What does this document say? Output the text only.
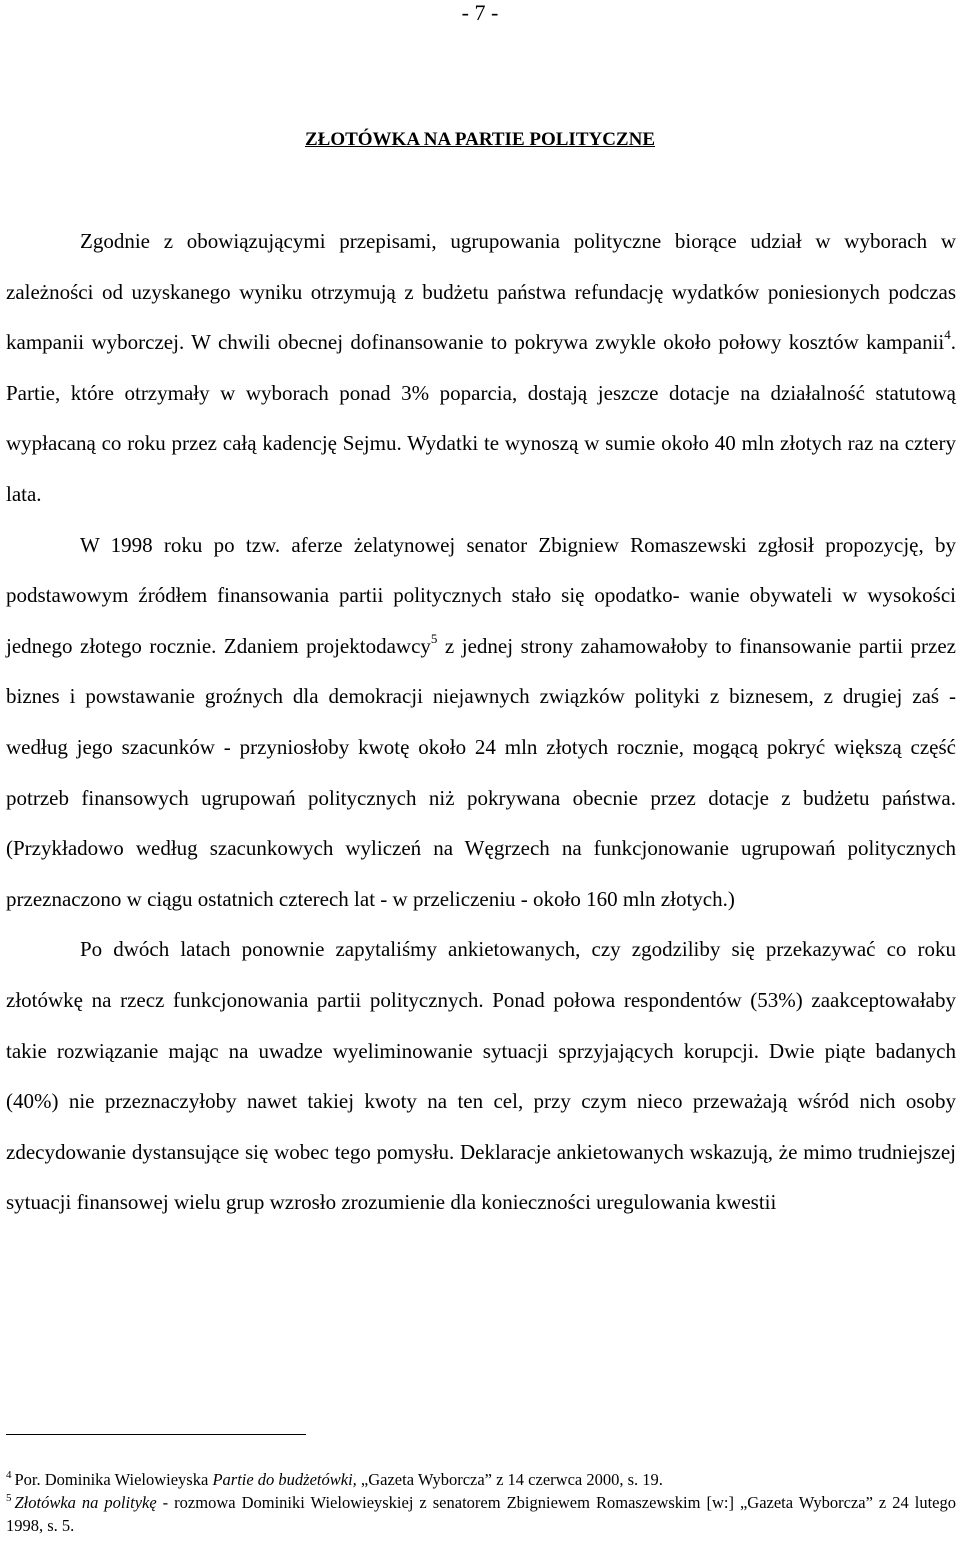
- 7 -
ZŁOTÓWKA NA PARTIE POLITYCZNE

Zgodnie z obowiązującymi przepisami, ugrupowania polityczne biorące udział w wyborach w zależności od uzyskanego wyniku otrzymują z budżetu państwa refundację wydatków poniesionych podczas kampanii wyborczej. W chwili obecnej dofinansowanie to pokrywa zwykle około połowy kosztów kampanii$^4$. Partie, które otrzymały w wyborach ponad 3% poparcia, dostają jeszcze dotacje na działalność statutową wypłacaną co roku przez całą kadencję Sejmu. Wydatki te wynoszą w sumie około 40 mln złotych raz na cztery lata.

W 1998 roku po tzw. aferze żelatynowej senator Zbigniew Romaszewski zgłosił propozycję, by podstawowym źródłem finansowania partii politycznych stało się opodatko- wanie obywateli w wysokości jednego złotego rocznie. Zdaniem projektodawcy$^5$ z jednej strony zahamowałoby to finansowanie partii przez biznes i powstawanie groźnych dla demokracji niejawnych związków polityki z biznesem, z drugiej zaś - według jego szacunków - przyniosłoby kwotę około 24 mln złotych rocznie, mogącą pokryć większą część potrzeb finansowych ugrupowań politycznych niż pokrywana obecnie przez dotacje z budżetu państwa. (Przykładowo według szacunkowych wyliczeń na Węgrzech na funkcjonowanie ugrupowań politycznych przeznaczono w ciągu ostatnich czterech lat - w przeliczeniu - około 160 mln złotych.)

Po dwóch latach ponownie zapytaliśmy ankietowanych, czy zgodziliby się przekazywać co roku złotówkę na rzecz funkcjonowania partii politycznych. Ponad połowa respondentów (53%) zaakceptowałaby takie rozwiązanie mając na uwadze wyeliminowanie sytuacji sprzyjających korupcji. Dwie piąte badanych (40%) nie przeznaczyłoby nawet takiej kwoty na ten cel, przy czym nieco przeważają wśród nich osoby zdecydowanie dystansujące się wobec tego pomysłu. Deklaracje ankietowanych wskazują, że mimo trudniejszej sytuacji finansowej wielu grup wzrosło zrozumienie dla konieczności uregulowania kwestii

$^4$ Por. Dominika Wielowieyska Partie do budżetówki, „Gazeta Wyborcza” z 14 czerwca 2000, s. 19.

$^5$ Złotówka na politykę - rozmowa Dominiki Wielowieyskiej z senatorem Zbigniewem Romaszewskim [w:] „Gazeta Wyborcza” z 24 lutego 1998, s. 5.
